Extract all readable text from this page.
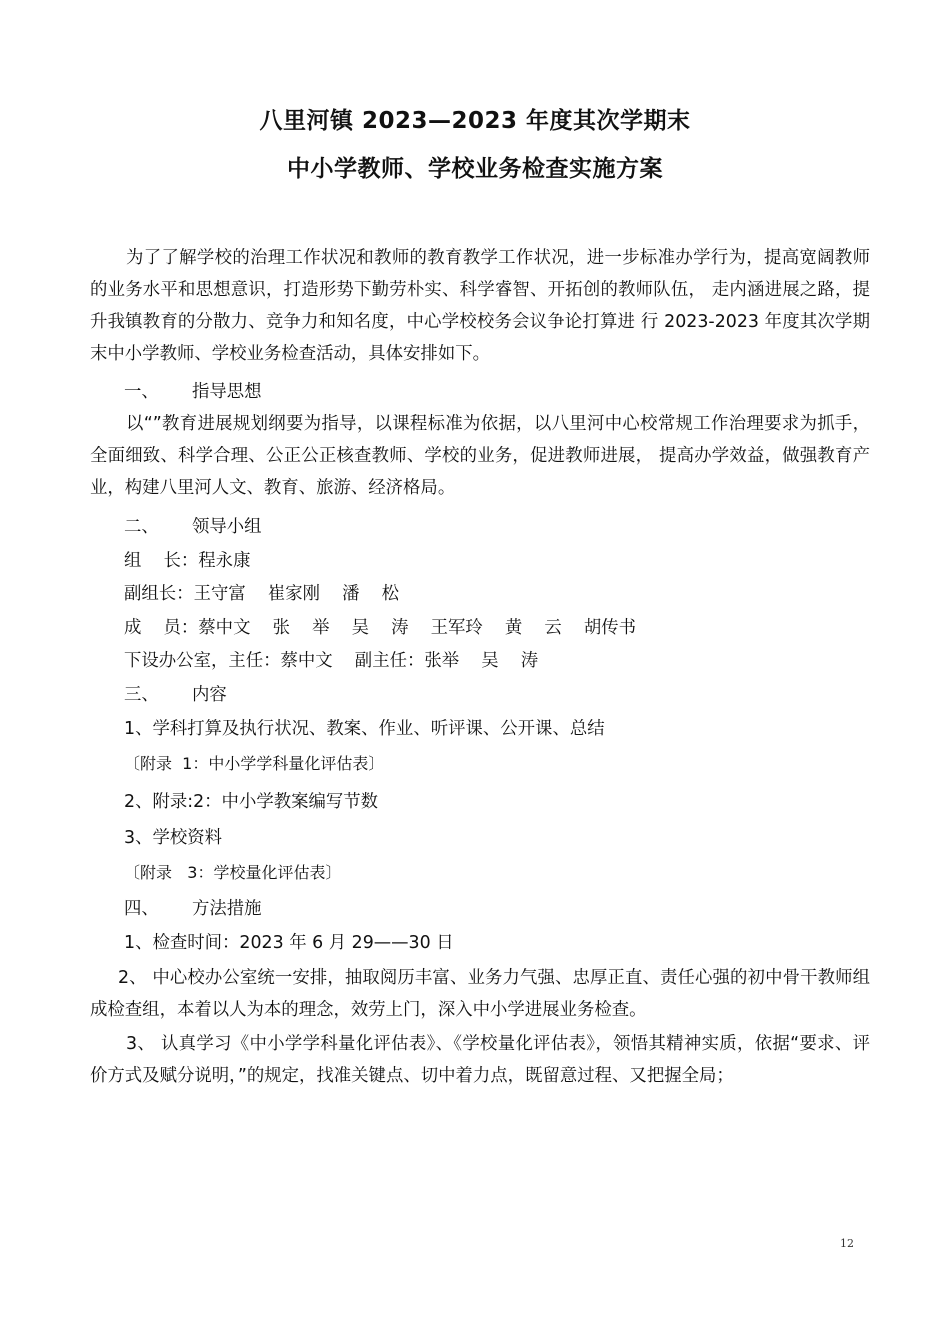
八里河镇 2023—2023 年度其次学期末
中小学教师、学校业务检查实施方案

为了了解学校的治理工作状况和教师的教育教学工作状况，进一步标准办学行为，提高宽阔教师的业务水平和思想意识，打造形势下勤劳朴实、科学睿智、开拓创的教师队伍， 走内涵进展之路，提升我镇教育的分散力、竞争力和知名度，中心学校校务会议争论打算进 行 2023-2023 年度其次学期末中小学教师、学校业务检查活动，具体安排如下。

一、      指导思想

以“”教育进展规划纲要为指导，以课程标准为依据，以八里河中心校常规工作治理要求为抓手，全面细致、科学合理、公正公正核查教师、学校的业务，促进教师进展， 提高办学效益，做强教育产业，构建八里河人文、教育、旅游、经济格局。

二、      领导小组
组    长：程永康
副组长：王守富    崔家刚    潘    松
成    员：蔡中文    张    举    吴    涛    王军玲    黄    云    胡传书
下设办公室，主任：蔡中文    副主任：张举    吴    涛
三、      内容
1、学科打算及执行状况、教案、作业、听评课、公开课、总结
〔附录  1：中小学学科量化评估表〕
2、附录:2：中小学教案编写节数
3、学校资料
〔附录   3：学校量化评估表〕
四、      方法措施
1、检查时间：2023 年 6 月 29——30 日

2、 中心校办公室统一安排，抽取阅历丰富、业务力气强、忠厚正直、责任心强的初中骨干教师组成检查组，本着以人为本的理念，效劳上门，深入中小学进展业务检查。

3、 认真学习《中小学学科量化评估表》、《学校量化评估表》，领悟其精神实质，依据“要求、评价方式及赋分说明，”的规定，找准关键点、切中着力点，既留意过程、又把握全局；

12
